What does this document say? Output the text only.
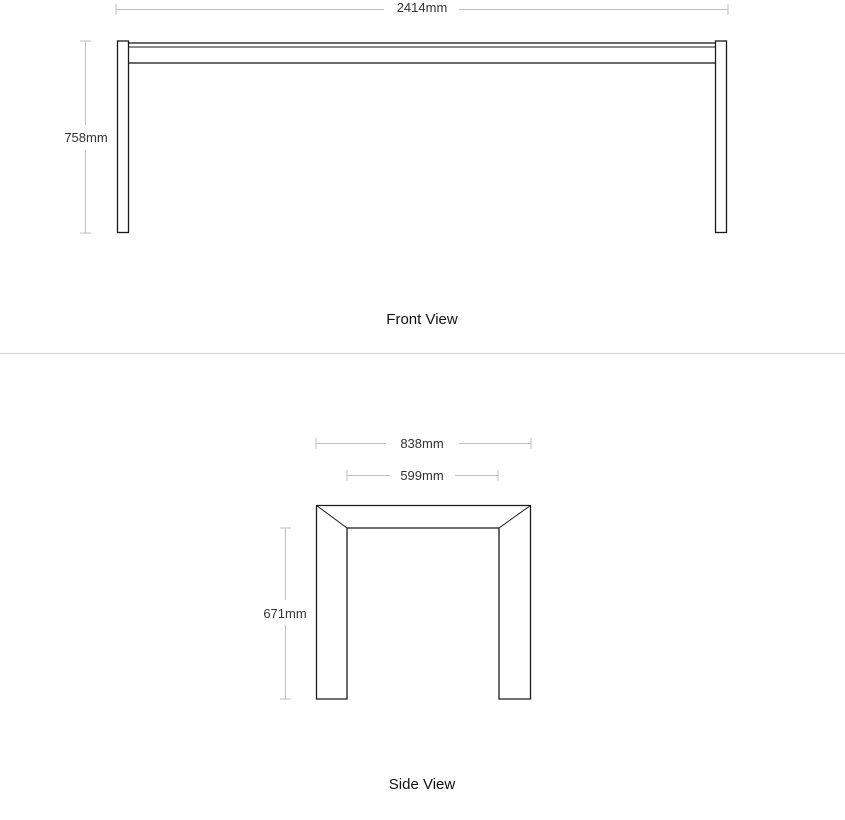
2414mm
758mm
Front View
838mm
599mm
671mm
Side View
